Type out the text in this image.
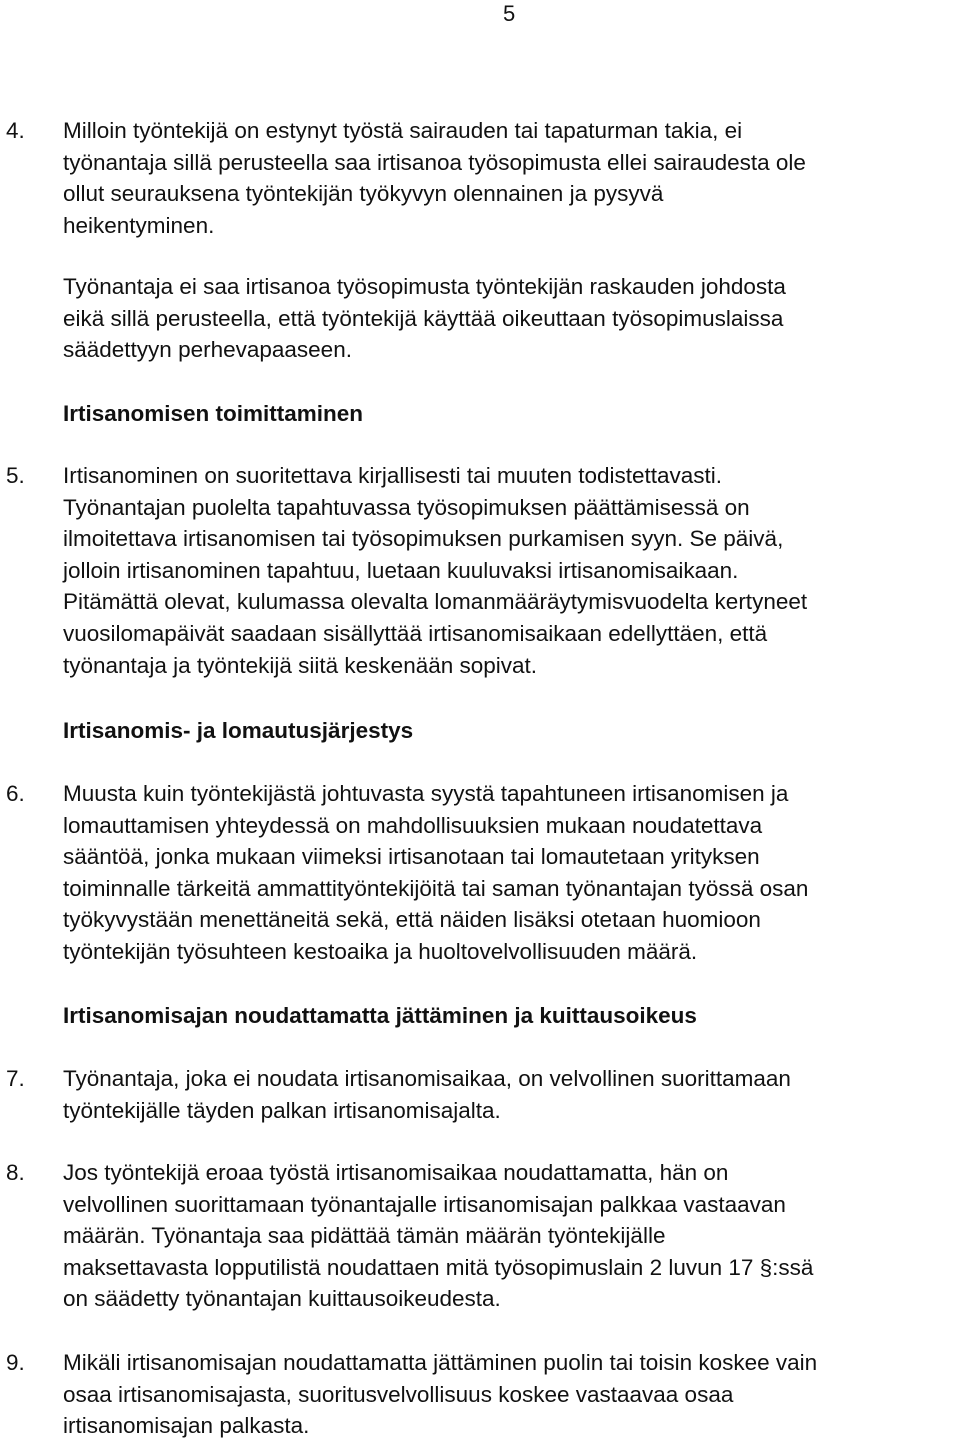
5
4. Milloin työntekijä on estynyt työstä sairauden tai tapaturman takia, ei
työnantaja sillä perusteella saa irtisanoa työsopimusta ellei sairaudesta ole
ollut seurauksena työntekijän työkyvyn olennainen ja pysyvä
heikentyminen.

Työnantaja ei saa irtisanoa työsopimusta työntekijän raskauden johdosta
eikä sillä perusteella, että työntekijä käyttää oikeuttaan työsopimuslaissa
säädettyyn perhevapaaseen.

Irtisanomisen toimittaminen
5. Irtisanominen on suoritettava kirjallisesti tai muuten todistettavasti.
Työnantajan puolelta tapahtuvassa työsopimuksen päättämisessä on
ilmoitettava irtisanomisen tai työsopimuksen purkamisen syyn. Se päivä,
jolloin irtisanominen tapahtuu, luetaan kuuluvaksi irtisanomisaikaan.
Pitämättä olevat, kulumassa olevalta lomanmääräytymisvuodelta kertyneet
vuosilomapäivät saadaan sisällyttää irtisanomisaikaan edellyttäen, että
työnantaja ja työntekijä siitä keskenään sopivat.

Irtisanomis- ja lomautusjärjestys
6. Muusta kuin työntekijästä johtuvasta syystä tapahtuneen irtisanomisen ja
lomauttamisen yhteydessä on mahdollisuuksien mukaan noudatettava
sääntöä, jonka mukaan viimeksi irtisanotaan tai lomautetaan yrityksen
toiminnalle tärkeitä ammattityöntekijöitä tai saman työnantajan työssä osan
työkyvystään menettäneitä sekä, että näiden lisäksi otetaan huomioon
työntekijän työsuhteen kestoaika ja huoltovelvollisuuden määrä.

Irtisanomisajan noudattamatta jättäminen ja kuittausoikeus
7. Työnantaja, joka ei noudata irtisanomisaikaa, on velvollinen suorittamaan
työntekijälle täyden palkan irtisanomisajalta.

8. Jos työntekijä eroaa työstä irtisanomisaikaa noudattamatta, hän on
velvollinen suorittamaan työnantajalle irtisanomisajan palkkaa vastaavan
määrän. Työnantaja saa pidättää tämän määrän työntekijälle
maksettavasta lopputilistä noudattaen mitä työsopimuslain 2 luvun 17 §:ssä
on säädetty työnantajan kuittausoikeudesta.

9. Mikäli irtisanomisajan noudattamatta jättäminen puolin tai toisin koskee vain
osaa irtisanomisajasta, suoritusvelvollisuus koskee vastaavaa osaa
irtisanomisajan palkasta.
